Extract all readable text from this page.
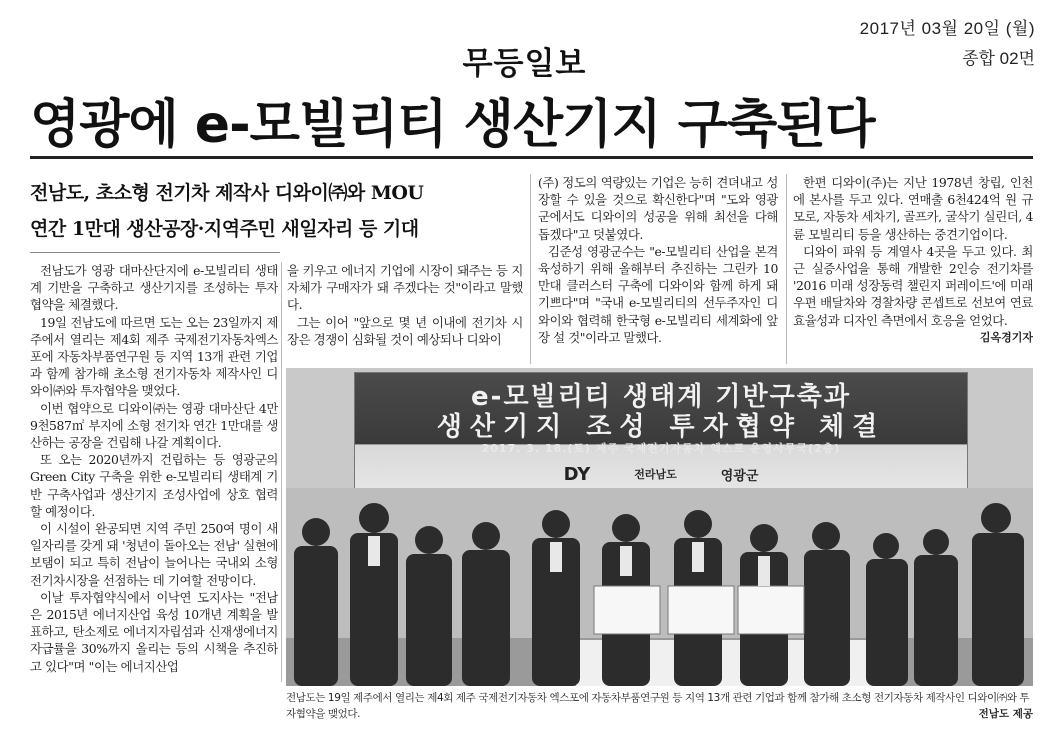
2017년 03월 20일 (월)
종합 02면
무등일보
영광에 e-모빌리티 생산기지 구축된다
전남도, 초소형 전기차 제작사 디와이㈜와 MOU
연간 1만대 생산공장·지역주민 새일자리 등 기대

전남도가 영광 대마산단지에 e-모빌리티 생태계 기반을 구축하고 생산기지를 조성하는 투자협약을 체결했다.

19일 전남도에 따르면 도는 오는 23일까지 제주에서 열리는 제4회 제주 국제전기자동차엑스포에 자동차부품연구원 등 지역 13개 관련 기업과 함께 참가해 초소형 전기자동차 제작사인 디와이㈜와 투자협약을 맺었다.

이번 협약으로 디와이㈜는 영광 대마산단 4만9천587㎡ 부지에 소형 전기차 연간 1만대를 생산하는 공장을 건립해 나갈 계획이다.

또 오는 2020년까지 건립하는 등 영광군의 Green City 구축을 위한 e-모빌리티 생태계 기반 구축사업과 생산기지 조성사업에 상호 협력할 예정이다.

이 시설이 완공되면 지역 주민 250여 명이 새 일자리를 갖게 돼 '청년이 돌아오는 전남' 실현에 보탬이 되고 특히 전남이 늘어나는 국내외 소형 전기차시장을 선점하는 데 기여할 전망이다.

이날 투자협약식에서 이낙연 도지사는 "전남은 2015년 에너지산업 육성 10개년 계획을 발표하고, 탄소제로 에너지자립섬과 신재생에너지 자급률을 30%까지 올리는 등의 시책을 추진하고 있다"며 "이는 에너지산업

을 키우고 에너지 기업에 시장이 돼주는 등 지자체가 구매자가 돼 주겠다는 것"이라고 말했다.

그는 이어 "앞으로 몇 년 이내에 전기차 시장은 경쟁이 심화될 것이 예상되나 디와이

(주) 정도의 역량있는 기업은 능히 견뎌내고 성장할 수 있을 것으로 확신한다"며 "도와 영광군에서도 디와이의 성공을 위해 최선을 다해 돕겠다"고 덧붙였다.

김준성 영광군수는 "e-모빌리티 산업을 본격 육성하기 위해 올해부터 추진하는 그린카 10만대 클러스터 구축에 디와이와 함께 하게 돼 기쁘다"며 "국내 e-모빌리티의 선두주자인 디와이와 협력해 한국형 e-모빌리티 세계화에 앞장 설 것"이라고 말했다.

한편 디와이(주)는 지난 1978년 창립, 인천에 본사를 두고 있다. 연매출 6천424억 원 규모로, 자동차 세차기, 골프카, 굴삭기 실린더, 4륜 모빌리티 등을 생산하는 중견기업이다.

디와이 파워 등 계열사 4곳을 두고 있다. 최근 실증사업을 통해 개발한 2인승 전기차를 '2016 미래 성장동력 챌린지 퍼레이드'에 미래 우편 배달차와 경찰차량 콘셉트로 선보여 연료 효율성과 디자인 측면에서 호응을 얻었다.

김옥경기자
e-모빌리티 생태계 기반구축과
생산기지 조성 투자협약 체결
2017. 3. 18.(토) 제주 국제전기자동차 엑스포 운영사무국(2층)
DY	전라남도	영광군
전남도는 19일 제주에서 열리는 제4회 제주 국제전기자동차 엑스포에 자동차부품연구원 등 지역 13개 관련 기업과 함께 참가해 초소형 전기자동차 제작사인 디와이㈜와 투자협약을 맺었다.	전남도 제공
